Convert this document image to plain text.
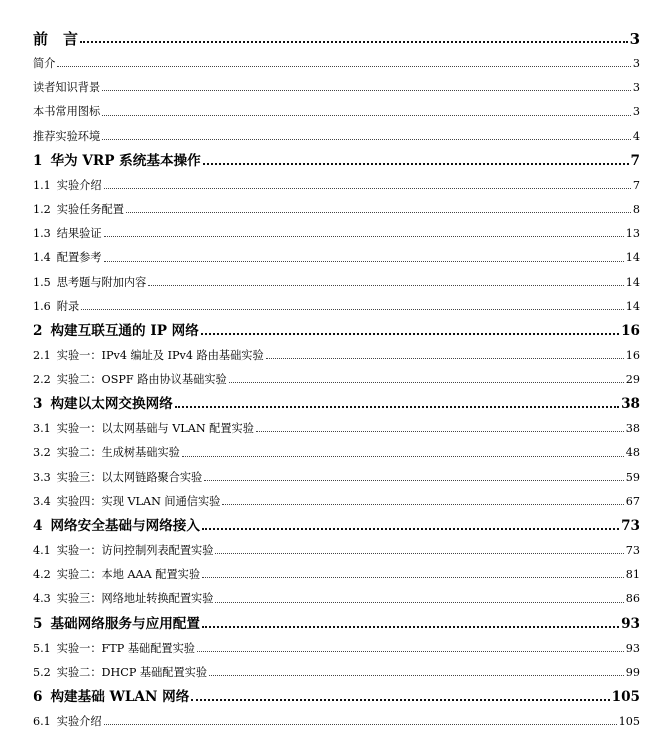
前　言	3
简介	3
读者知识背景	3
本书常用图标	3
推荐实验环境	4
1 华为 VRP 系统基本操作	7
1.1 实验介绍	7
1.2 实验任务配置	8
1.3 结果验证	13
1.4 配置参考	14
1.5 思考题与附加内容	14
1.6 附录	14
2 构建互联互通的 IP 网络	16
2.1 实验一：IPv4 编址及 IPv4 路由基础实验	16
2.2 实验二：OSPF 路由协议基础实验	29
3 构建以太网交换网络	38
3.1 实验一：以太网基础与 VLAN 配置实验	38
3.2 实验二：生成树基础实验	48
3.3 实验三：以太网链路聚合实验	59
3.4 实验四：实现 VLAN 间通信实验	67
4 网络安全基础与网络接入	73
4.1 实验一：访问控制列表配置实验	73
4.2 实验二：本地 AAA 配置实验	81
4.3 实验三：网络地址转换配置实验	86
5 基础网络服务与应用配置	93
5.1 实验一：FTP 基础配置实验	93
5.2 实验二：DHCP 基础配置实验	99
6 构建基础 WLAN 网络	105
6.1 实验介绍	105
